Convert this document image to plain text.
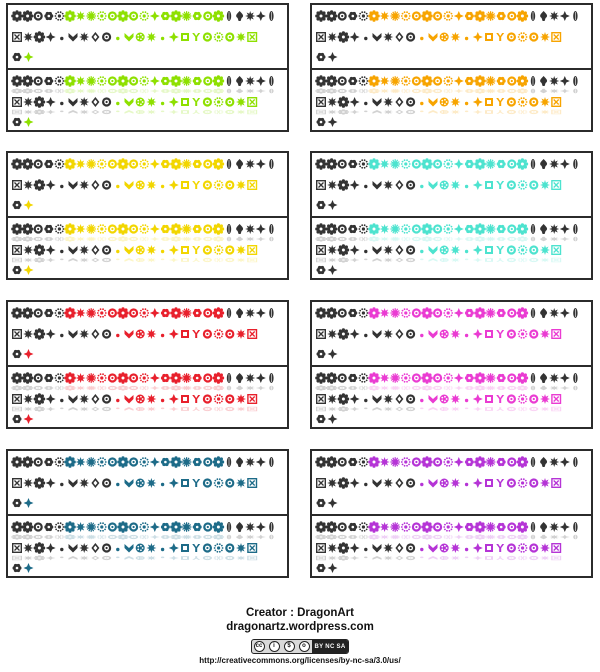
Creator : DragonArt

dragonartz.wordpress.com

cc	i	$	o	BY NC SA
http://creativecommons.org/licenses/by-nc-sa/3.0/us/
